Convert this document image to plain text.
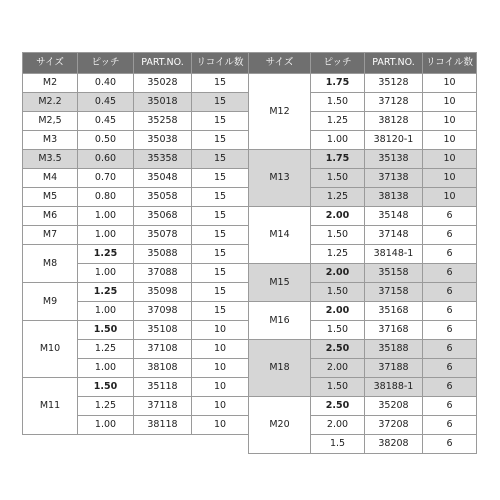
サイズ	ピッチ	PART.NO.	リコイル数
M2	0.40	35028	15
M2.2	0.45	35018	15
M2,5	0.45	35258	15
M3	0.50	35038	15
M3.5	0.60	35358	15
M4	0.70	35048	15
M5	0.80	35058	15
M6	1.00	35068	15
M7	1.00	35078	15
M8	1.25	35088	15
	1.00	37088	15
M9	1.25	35098	15
	1.00	37098	15
M10	1.50	35108	10
	1.25	37108	10
	1.00	38108	10
M11	1.50	35118	10
	1.25	37118	10
	1.00	38118	10
サイズ	ピッチ	PART.NO.	リコイル数
M12	1.75	35128	10
	1.50	37128	10
	1.25	38128	10
	1.00	38120-1	10
M13	1.75	35138	10
	1.50	37138	10
	1.25	38138	10
M14	2.00	35148	6
	1.50	37148	6
	1.25	38148-1	6
M15	2.00	35158	6
	1.50	37158	6
M16	2.00	35168	6
	1.50	37168	6
M18	2.50	35188	6
	2.00	37188	6
	1.50	38188-1	6
M20	2.50	35208	6
	2.00	37208	6
	1.5	38208	6
